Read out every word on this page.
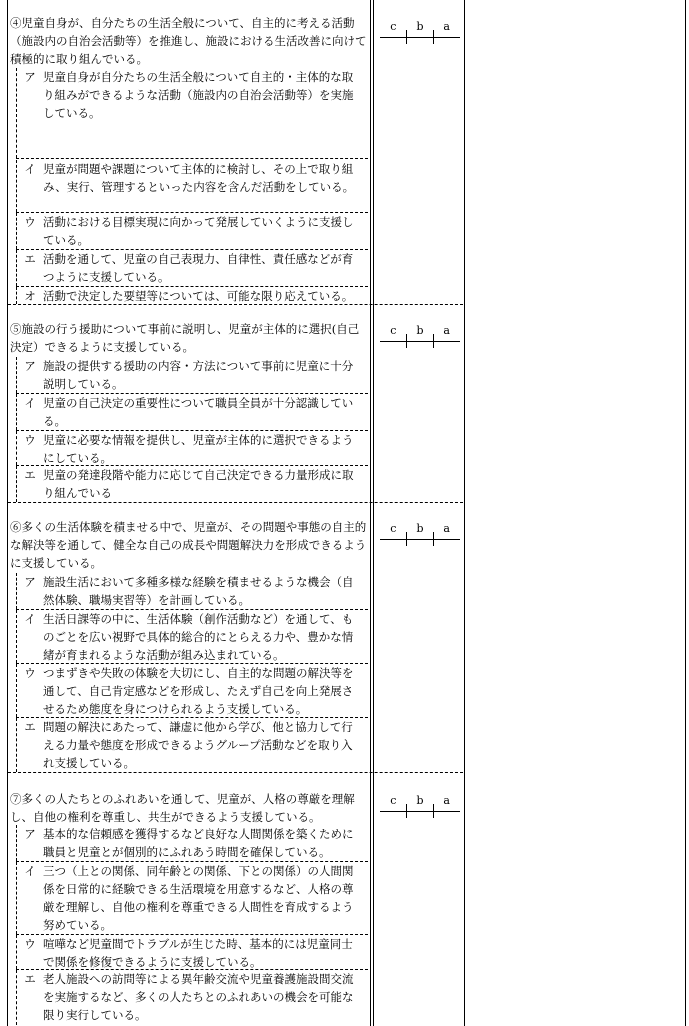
④児童自身が、自分たちの生活全般について、自主的に考える活動（施設内の自治会活動等）を推進し、施設における生活改善に向けて積極的に取り組んでいる。
ア 児童自身が自分たちの生活全般について自主的・主体的な取り組みができるような活動（施設内の自治会活動等）を実施している。
イ 児童が問題や課題について主体的に検討し、その上で取り組み、実行、管理するといった内容を含んだ活動をしている。
ウ 活動における目標実現に向かって発展していくように支援している。
エ 活動を通して、児童の自己表現力、自律性、責任感などが育つように支援している。
オ 活動で決定した要望等については、可能な限り応えている。
c	b	a
⑤施設の行う援助について事前に説明し、児童が主体的に選択(自己決定）できるように支援している。
ア 施設の提供する援助の内容・方法について事前に児童に十分説明している。
イ 児童の自己決定の重要性について職員全員が十分認識している。
ウ 児童に必要な情報を提供し、児童が主体的に選択できるようにしている。
エ 児童の発達段階や能力に応じて自己決定できる力量形成に取り組んでいる
c	b	a
⑥多くの生活体験を積ませる中で、児童が、その問題や事態の自主的な解決等を通して、健全な自己の成長や問題解決力を形成できるように支援している。
ア 施設生活において多種多様な経験を積ませるような機会（自然体験、職場実習等）を計画している。
イ 生活日課等の中に、生活体験（創作活動など）を通して、ものごとを広い視野で具体的総合的にとらえる力や、豊かな情緒が育まれるような活動が組み込まれている。
ウ つまずきや失敗の体験を大切にし、自主的な問題の解決等を通して、自己肯定感などを形成し、たえず自己を向上発展させるため態度を身につけられるよう支援している。
エ 問題の解決にあたって、謙虚に他から学び、他と協力して行える力量や態度を形成できるようグループ活動などを取り入れ支援している。
c	b	a
⑦多くの人たちとのふれあいを通して、児童が、人格の尊厳を理解し、自他の権利を尊重し、共生ができるよう支援している。
ア 基本的な信頼感を獲得するなど良好な人間関係を築くために職員と児童とが個別的にふれあう時間を確保している。
イ 三つ（上との関係、同年齢との関係、下との関係）の人間関係を日常的に経験できる生活環境を用意するなど、人格の尊厳を理解し、自他の権利を尊重できる人間性を育成するよう努めている。
ウ 喧嘩など児童間でトラブルが生じた時、基本的には児童同士で関係を修復できるように支援している。
エ 老人施設への訪問等による異年齢交流や児童養護施設間交流を実施するなど、多くの人たちとのふれあいの機会を可能な限り実行している。
c	b	a
